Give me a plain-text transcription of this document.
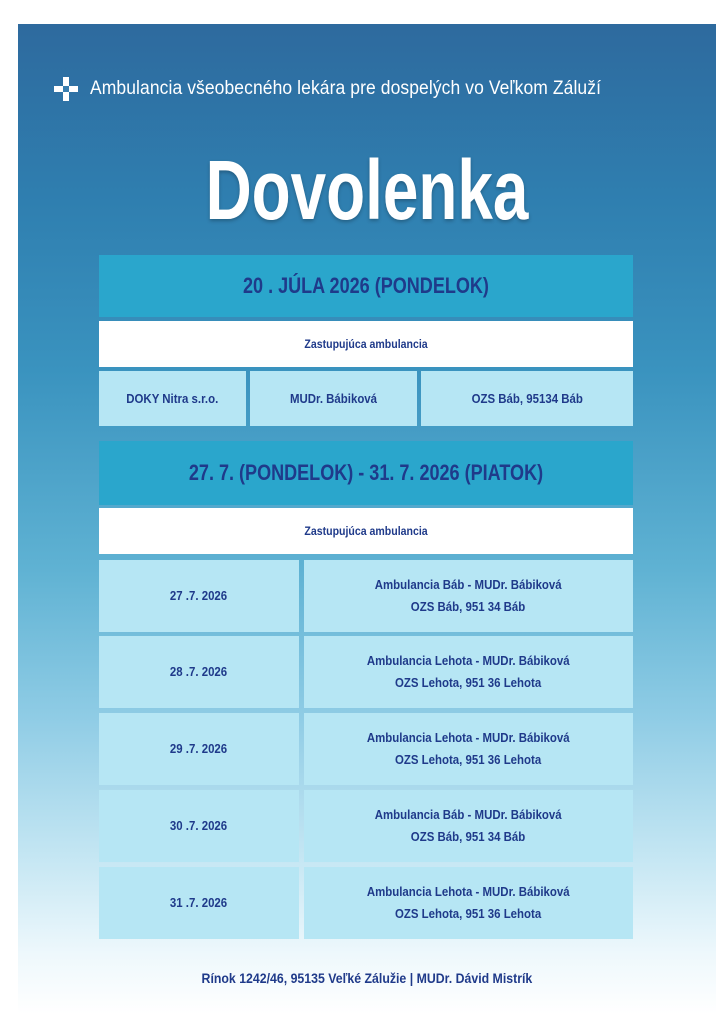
Ambulancia všeobecného lekára pre dospelých vo Veľkom Záluží
Dovolenka
20 . JÚLA 2026 (PONDELOK)
Zastupujúca ambulancia
DOKY Nitra s.r.o.	MUDr. Bábiková	OZS Báb, 95134 Báb
27. 7. (PONDELOK) - 31. 7. 2026 (PIATOK)
Zastupujúca ambulancia
27 .7. 2026
Ambulancia Báb - MUDr. Bábiková
OZS Báb, 951 34 Báb
28 .7. 2026
Ambulancia Lehota - MUDr. Bábiková
OZS Lehota, 951 36 Lehota
29 .7. 2026
Ambulancia Lehota - MUDr. Bábiková
OZS Lehota, 951 36 Lehota
30 .7. 2026
Ambulancia Báb - MUDr. Bábiková
OZS Báb, 951 34 Báb
31 .7. 2026
Ambulancia Lehota - MUDr. Bábiková
OZS Lehota, 951 36 Lehota
Rínok 1242/46, 95135 Veľké Zálužie | MUDr. Dávid Mistrík
